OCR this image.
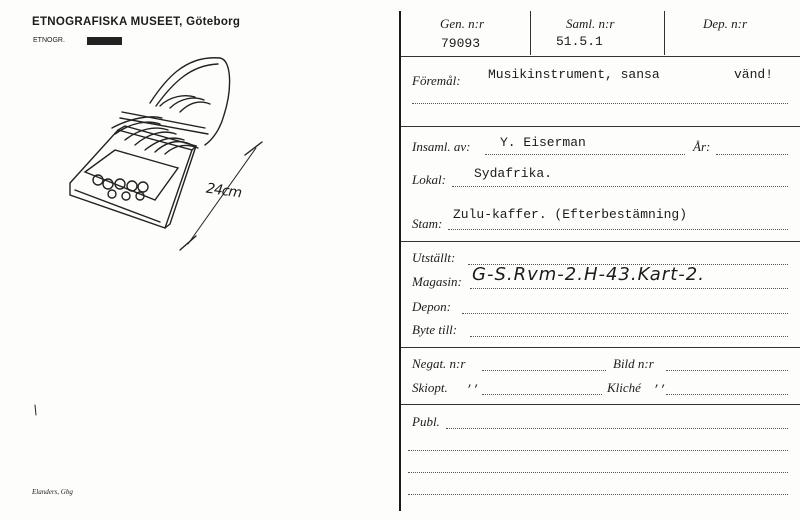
ETNOGRAFISKA MUSEET, Göteborg
ETNOGR.
24cm
Elanders, Gbg
Gen. n:r
79093
Saml. n:r
51.5.1
Dep. n:r
Föremål: Musikinstrument, sansa	vänd!
Insaml. av: Y. Eiserman	År:
Lokal: Sydafrika.
Stam:
Zulu-kaffer. (Efterbestämning)
Utställt:
Magasin: G-S.Rvm-2.H-43.Kart-2.
Depon:
Byte till:
Negat. n:r	Bild n:r
Skiopt. ,,	Kliché ,,
Publ.
